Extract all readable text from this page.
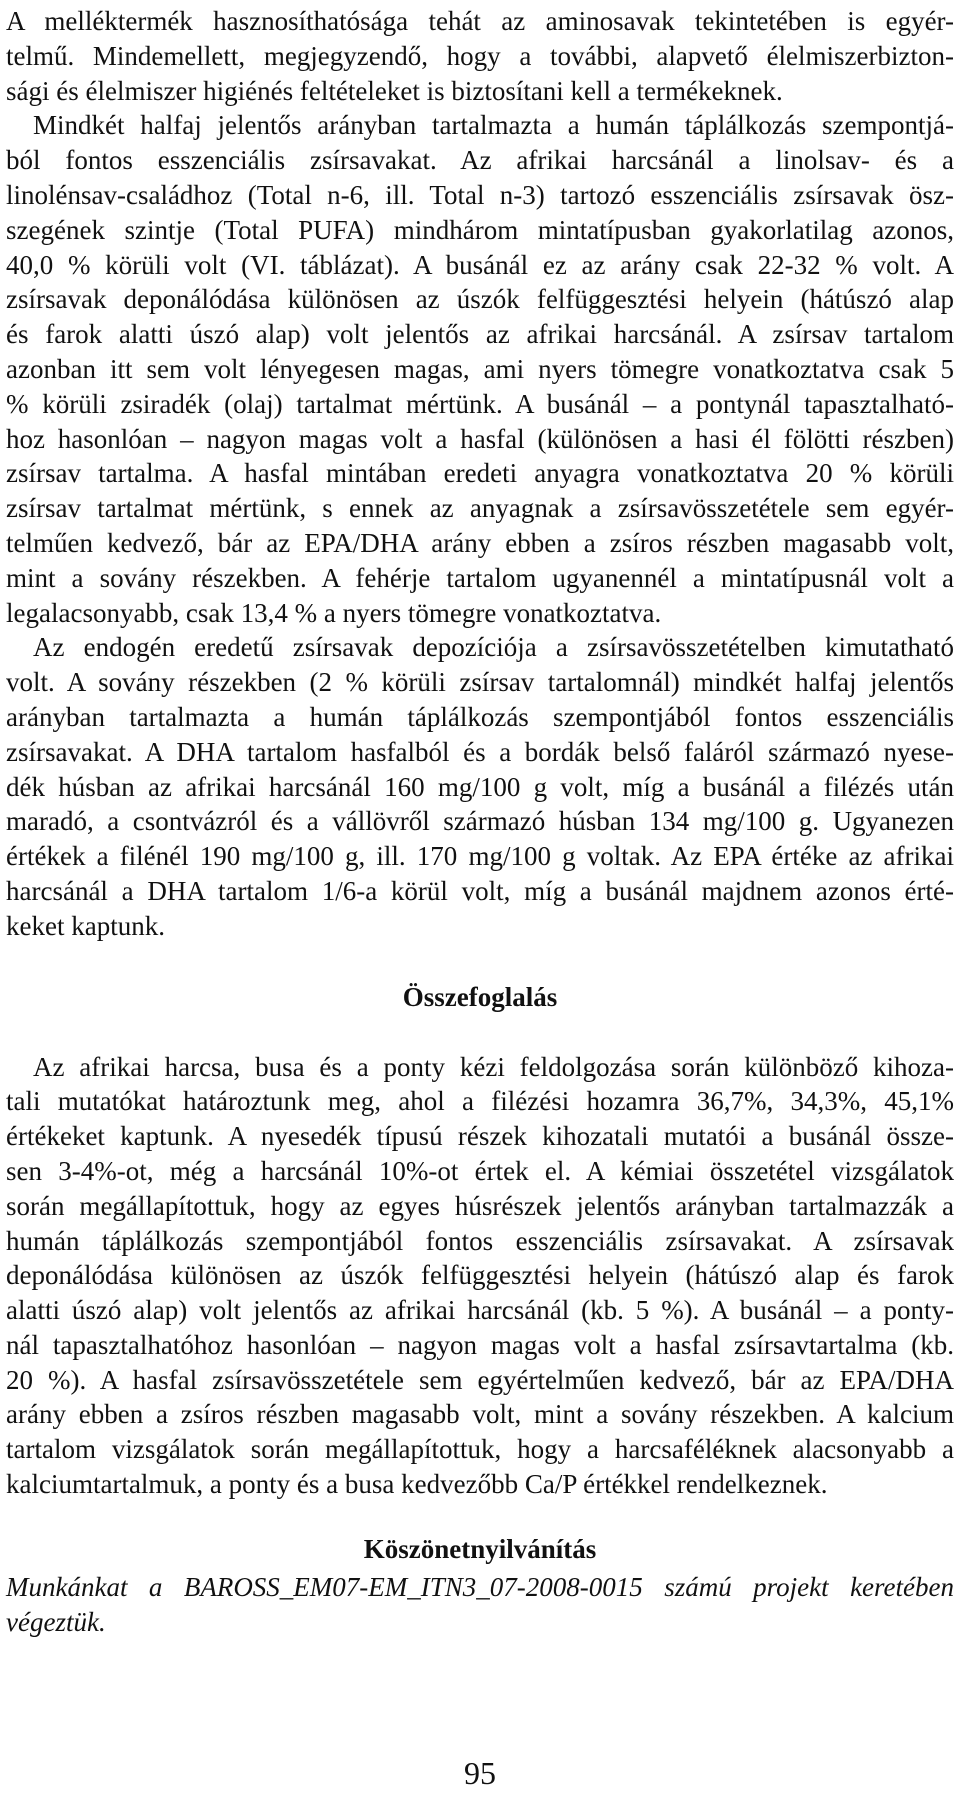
A melléktermék hasznosíthatósága tehát az aminosavak tekintetében is egyér-
telmű. Mindemellett, megjegyzendő, hogy a további, alapvető élelmiszerbizton-
sági és élelmiszer higiénés feltételeket is biztosítani kell a termékeknek.
Mindkét halfaj jelentős arányban tartalmazta a humán táplálkozás szempontjá-
ból fontos esszenciális zsírsavakat. Az afrikai harcsánál a linolsav- és a
linolénsav-családhoz (Total n-6, ill. Total n-3) tartozó esszenciális zsírsavak ösz-
szegének szintje (Total PUFA) mindhárom mintatípusban gyakorlatilag azonos,
40,0 % körüli volt (VI. táblázat). A busánál ez az arány csak 22-32 % volt. A
zsírsavak deponálódása különösen az úszók felfüggesztési helyein (hátúszó alap
és farok alatti úszó alap) volt jelentős az afrikai harcsánál. A zsírsav tartalom
azonban itt sem volt lényegesen magas, ami nyers tömegre vonatkoztatva csak 5
% körüli zsiradék (olaj) tartalmat mértünk. A busánál – a pontynál tapasztalható-
hoz hasonlóan – nagyon magas volt a hasfal (különösen a hasi él fölötti részben)
zsírsav tartalma. A hasfal mintában eredeti anyagra vonatkoztatva 20 % körüli
zsírsav tartalmat mértünk, s ennek az anyagnak a zsírsavösszetétele sem egyér-
telműen kedvező, bár az EPA/DHA arány ebben a zsíros részben magasabb volt,
mint a sovány részekben. A fehérje tartalom ugyanennél a mintatípusnál volt a
legalacsonyabb, csak 13,4 % a nyers tömegre vonatkoztatva.
Az endogén eredetű zsírsavak depozíciója a zsírsavösszetételben kimutatható
volt. A sovány részekben (2 % körüli zsírsav tartalomnál) mindkét halfaj jelentős
arányban tartalmazta a humán táplálkozás szempontjából fontos esszenciális
zsírsavakat. A DHA tartalom hasfalból és a bordák belső faláról származó nyese-
dék húsban az afrikai harcsánál 160 mg/100 g volt, míg a busánál a filézés után
maradó, a csontvázról és a vállövről származó húsban 134 mg/100 g. Ugyanezen
értékek a filénél 190 mg/100 g, ill. 170 mg/100 g voltak. Az EPA értéke az afrikai
harcsánál a DHA tartalom 1/6-a körül volt, míg a busánál majdnem azonos érté-
keket kaptunk.
Összefoglalás
Az afrikai harcsa, busa és a ponty kézi feldolgozása során különböző kihoza-
tali mutatókat határoztunk meg, ahol a filézési hozamra 36,7%, 34,3%, 45,1%
értékeket kaptunk. A nyesedék típusú részek kihozatali mutatói a busánál össze-
sen 3-4%-ot, még a harcsánál 10%-ot értek el. A kémiai összetétel vizsgálatok
során megállapítottuk, hogy az egyes húsrészek jelentős arányban tartalmazzák a
humán táplálkozás szempontjából fontos esszenciális zsírsavakat. A zsírsavak
deponálódása különösen az úszók felfüggesztési helyein (hátúszó alap és farok
alatti úszó alap) volt jelentős az afrikai harcsánál (kb. 5 %). A busánál – a ponty-
nál tapasztalhatóhoz hasonlóan – nagyon magas volt a hasfal zsírsavtartalma (kb.
20 %). A hasfal zsírsavösszetétele sem egyértelműen kedvező, bár az EPA/DHA
arány ebben a zsíros részben magasabb volt, mint a sovány részekben. A kalcium
tartalom vizsgálatok során megállapítottuk, hogy a harcsaféléknek alacsonyabb a
kalciumtartalmuk, a ponty és a busa kedvezőbb Ca/P értékkel rendelkeznek.
Köszönetnyilvánítás
Munkánkat a BAROSS_EM07-EM_ITN3_07-2008-0015 számú projekt keretében
végeztük.
95
